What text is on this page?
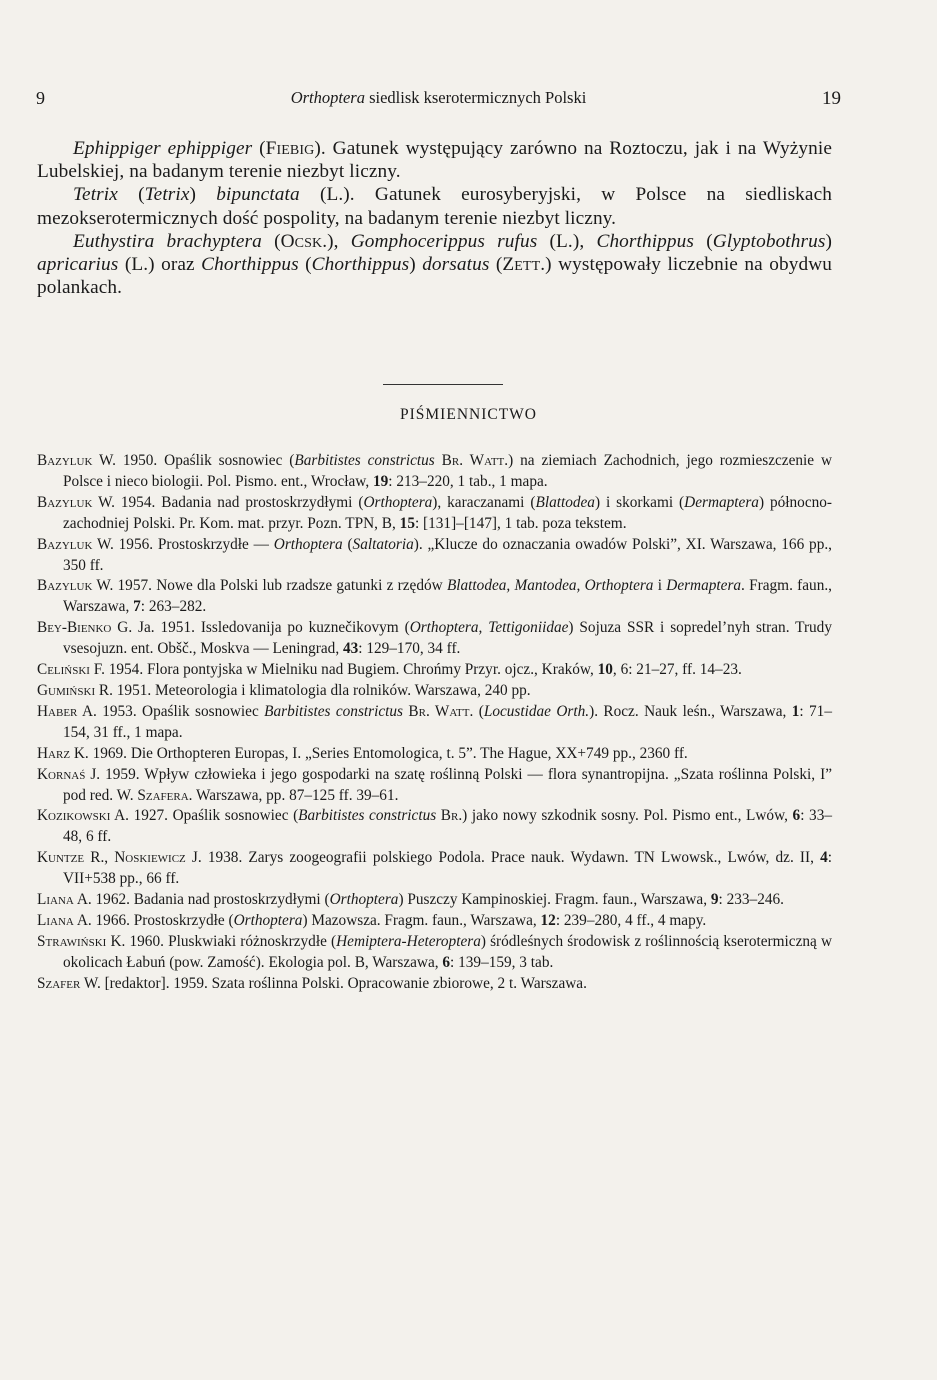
9	Orthoptera siedlisk kserotermicznych Polski	19

Ephippiger ephippiger (Fiebig). Gatunek występujący zarówno na Roztoczu, jak i na Wyżynie Lubelskiej, na badanym terenie niezbyt liczny.

Tetrix (Tetrix) bipunctata (L.). Gatunek eurosyberyjski, w Polsce na siedliskach mezokserotermicznych dość pospolity, na badanym terenie niezbyt liczny.

Euthystira brachyptera (Ocsk.), Gomphocerippus rufus (L.), Chorthippus (Glyptobothrus) apricarius (L.) oraz Chorthippus (Chorthippus) dorsatus (Zett.) występowały liczebnie na obydwu polankach.

PIŚMIENNICTWO

Bazyluk W. 1950. Opaślik sosnowiec (Barbitistes constrictus Br. Watt.) na ziemiach Zachodnich, jego rozmieszczenie w Polsce i nieco biologii. Pol. Pismo. ent., Wrocław, 19: 213–220, 1 tab., 1 mapa.

Bazyluk W. 1954. Badania nad prostoskrzydłymi (Orthoptera), karaczanami (Blattodea) i skorkami (Dermaptera) północno-zachodniej Polski. Pr. Kom. mat. przyr. Pozn. TPN, B, 15: [131]–[147], 1 tab. poza tekstem.

Bazyluk W. 1956. Prostoskrzydłe — Orthoptera (Saltatoria). „Klucze do oznaczania owadów Polski”, XI. Warszawa, 166 pp., 350 ff.

Bazyluk W. 1957. Nowe dla Polski lub rzadsze gatunki z rzędów Blattodea, Mantodea, Orthoptera i Dermaptera. Fragm. faun., Warszawa, 7: 263–282.

Bey-Bienko G. Ja. 1951. Issledovanija po kuznečikovym (Orthoptera, Tettigoniidae) Sojuza SSR i sopredel’nyh stran. Trudy vsesojuzn. ent. Obšč., Moskva — Leningrad, 43: 129–170, 34 ff.

Celiński F. 1954. Flora pontyjska w Mielniku nad Bugiem. Chrońmy Przyr. ojcz., Kraków, 10, 6: 21–27, ff. 14–23.

Gumiński R. 1951. Meteorologia i klimatologia dla rolników. Warszawa, 240 pp.

Haber A. 1953. Opaślik sosnowiec Barbitistes constrictus Br. Watt. (Locustidae Orth.). Rocz. Nauk leśn., Warszawa, 1: 71–154, 31 ff., 1 mapa.

Harz K. 1969. Die Orthopteren Europas, I. „Series Entomologica, t. 5”. The Hague, XX+749 pp., 2360 ff.

Kornaś J. 1959. Wpływ człowieka i jego gospodarki na szatę roślinną Polski — flora synantropijna. „Szata roślinna Polski, I” pod red. W. Szafera. Warszawa, pp. 87–125 ff. 39–61.

Kozikowski A. 1927. Opaślik sosnowiec (Barbitistes constrictus Br.) jako nowy szkodnik sosny. Pol. Pismo ent., Lwów, 6: 33–48, 6 ff.

Kuntze R., Noskiewicz J. 1938. Zarys zoogeografii polskiego Podola. Prace nauk. Wydawn. TN Lwowsk., Lwów, dz. II, 4: VII+538 pp., 66 ff.

Liana A. 1962. Badania nad prostoskrzydłymi (Orthoptera) Puszczy Kampinoskiej. Fragm. faun., Warszawa, 9: 233–246.

Liana A. 1966. Prostoskrzydłe (Orthoptera) Mazowsza. Fragm. faun., Warszawa, 12: 239–280, 4 ff., 4 mapy.

Strawiński K. 1960. Pluskwiaki różnoskrzydłe (Hemiptera-Heteroptera) śródleśnych środowisk z roślinnością kserotermiczną w okolicach Łabuń (pow. Zamość). Ekologia pol. B, Warszawa, 6: 139–159, 3 tab.

Szafer W. [redaktor]. 1959. Szata roślinna Polski. Opracowanie zbiorowe, 2 t. Warszawa.
